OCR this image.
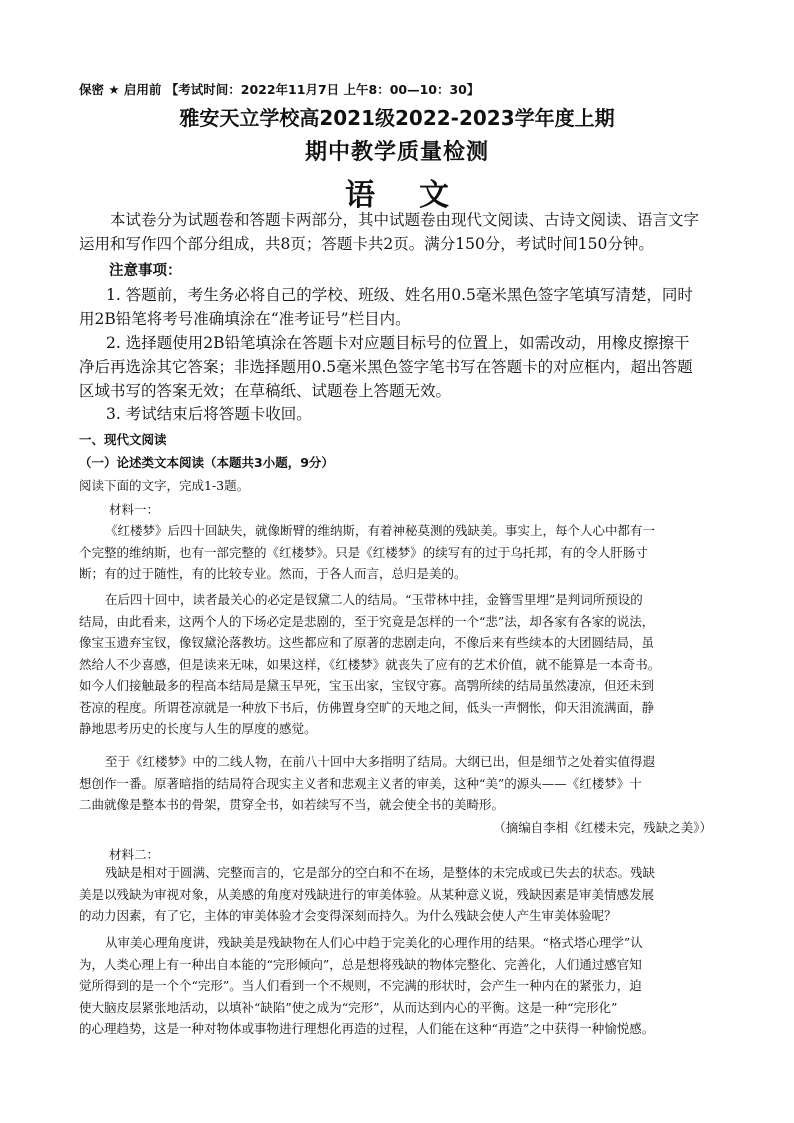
保密 ★ 启用前 【考试时间：2022年11月7日 上午8：00—10：30】
雅安天立学校高2021级2022-2023学年度上期
期中教学质量检测
语文
本试卷分为试题卷和答题卡两部分，其中试题卷由现代文阅读、古诗文阅读、语言文字
运用和写作四个部分组成，共8页；答题卡共2页。满分150分，考试时间150分钟。
注意事项：
1. 答题前，考生务必将自己的学校、班级、姓名用0.5毫米黑色签字笔填写清楚，同时
用2B铅笔将考号准确填涂在“准考证号”栏目内。
2. 选择题使用2B铅笔填涂在答题卡对应题目标号的位置上，如需改动，用橡皮擦擦干
净后再选涂其它答案；非选择题用0.5毫米黑色签字笔书写在答题卡的对应框内，超出答题
区域书写的答案无效；在草稿纸、试题卷上答题无效。
3. 考试结束后将答题卡收回。
一、现代文阅读
（一）论述类文本阅读（本题共3小题，9分）
阅读下面的文字，完成1-3题。
材料一：
《红楼梦》后四十回缺失，就像断臂的维纳斯，有着神秘莫测的残缺美。事实上，每个人心中都有一
个完整的维纳斯，也有一部完整的《红楼梦》。只是《红楼梦》的续写有的过于乌托邦，有的令人肝肠寸
断；有的过于随性，有的比较专业。然而，于各人而言，总归是美的。
在后四十回中，读者最关心的必定是钗黛二人的结局。“玉带林中挂，金簪雪里埋”是判词所预设的
结局，由此看来，这两个人的下场必定是悲剧的，至于究竟是怎样的一个“悲”法，却各家有各家的说法，
像宝玉遗弃宝钗，像钗黛沦落教坊。这些都应和了原著的悲剧走向，不像后来有些续本的大团圆结局，虽
然给人不少喜感，但是读来无味，如果这样，《红楼梦》就丧失了应有的艺术价值，就不能算是一本奇书。
如今人们接触最多的程高本结局是黛玉早死，宝玉出家，宝钗守寡。高鹗所续的结局虽然凄凉，但还未到
苍凉的程度。所谓苍凉就是一种放下书后，仿佛置身空旷的天地之间，低头一声惘怅，仰天泪流满面，静
静地思考历史的长度与人生的厚度的感觉。
至于《红楼梦》中的二线人物，在前八十回中大多指明了结局。大纲已出，但是细节之处着实值得遐
想创作一番。原著暗指的结局符合现实主义者和悲观主义者的审美，这种“美”的源头——《红楼梦》十
二曲就像是整本书的骨架，贯穿全书，如若续写不当，就会使全书的美畸形。
（摘编自李相《红楼未完，残缺之美》）
材料二：
残缺是相对于圆满、完整而言的，它是部分的空白和不在场，是整体的未完成或已失去的状态。残缺
美是以残缺为审视对象，从美感的角度对残缺进行的审美体验。从某种意义说，残缺因素是审美情感发展
的动力因素，有了它，主体的审美体验才会变得深刻而持久。为什么残缺会使人产生审美体验呢？
从审美心理角度讲，残缺美是残缺物在人们心中趋于完美化的心理作用的结果。“格式塔心理学”认
为，人类心理上有一种出自本能的“完形倾向”，总是想将残缺的物体完整化、完善化，人们通过感官知
觉所得到的是一个个“完形”。当人们看到一个不规则，不完满的形状时，会产生一种内在的紧张力，迫
使大脑皮层紧张地活动，以填补“缺陷”使之成为“完形”，从而达到内心的平衡。这是一种“完形化”
的心理趋势，这是一种对物体或事物进行理想化再造的过程，人们能在这种“再造”之中获得一种愉悦感。
